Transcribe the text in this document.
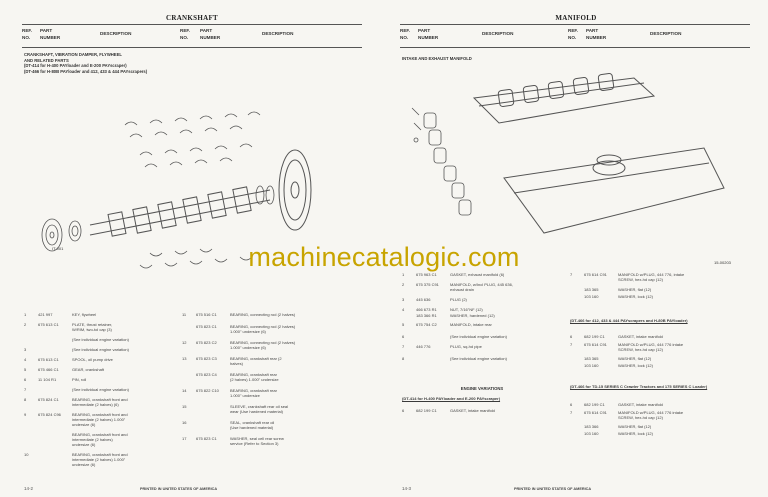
CRANKSHAFT
REF.
NO.
PART
NUMBER
DESCRIPTION
REF.
NO.
PART
NUMBER
DESCRIPTION
CRANKSHAFT, VIBRATION DAMPER, FLYWHEEL
AND RELATED PARTS
(DT-414 for H-400 PAYloader and E-200 PAYscraper)
(DT-466 for H-80B PAYloader and 412, 433 & 444 PAYscrapers)
IT-001
1	421 997	KEY, flywheel
2	675 613 C1	PLATE, thrust retainer,
W/RIM, two-tol cap (3)
(See individual engine variation)
3	(See individual engine variation)
4	675 613 C1	SPOOL, oil pump drive
5	675 466 C1	GEAR, crankshaft
6	11 104 R1	PIN, roll
7	(See individual engine variation)
8	675 824 C1	BEARING, crankshaft front and
intermediate (2 halves) (6)
9	675 824 C96	BEARING, crankshaft front and
intermediate (2 halves) 1.000"
undersize (6)
BEARING, crankshaft front and
intermediate (2 halves)
undersize (6)
10	BEARING, crankshaft front and
intermediate (2 halves) 1.000"
undersize (6)
11 675 516 C1	BEARING, connecting rod (2 halves)
675 823 C1	BEARING, connecting rod (2 halves)
1.000" undersize (6)
12 675 823 C2	BEARING, connecting rod (2 halves)
1.000" undersize (6)
13 675 823 C3	BEARING, crankshaft rear (2
halves)
675 823 C4	BEARING, crankshaft rear
(2 halves) 1.000" undersize
14 675 822 C10	BEARING, crankshaft rear
1.000" undersize
15	SLEEVE, crankshaft rear oil seal
wear (Use hardened material)
16	SEAL, crankshaft rear oil
(Use hardened material)
17 675 823 C1	WASHER, seal cell rear screw
service (Refer to Section 3)
14-2	PRINTED IN UNITED STATES OF AMERICA
MANIFOLD
REF.
NO.
PART
NUMBER
DESCRIPTION
REF.
NO.
PART
NUMBER
DESCRIPTION
INTAKE AND EXHAUST MANIFOLD
15-00203
1	675 963 C1	GASKET, exhaust manifold (6)
2	675 375 C91	MANIFOLD, w/Incl PLUG, 445 636,
exhaust drain
3	445 636	PLUG (2)
4	466 673 R1	NUT, 7/16"NF (12)
183 366 R1	WASHER, hardened (12)
5	675 754 C2	MANIFOLD, intake rear
6	(See individual engine variation)
7	446 776	PLUG, sq-hd pipe
8	(See individual engine variation)
ENGINE VARIATIONS
(DT-414 for H-400 PAYloader and E-200 PAYscraper)
6	682 199 C1	GASKET, intake manifold
7	675 614 C91	MANIFOLD w/PLUG, 444 776, intake
SCREW, hex-hd cap (12)
183 365	WASHER, flat (12)
103 160	WASHER, lock (12)
(DT-466 for 412, 433 & 444 PAYscrapers and H-80B PAYloader)
6	682 199 C1	GASKET, intake manifold
7	675 614 C91	MANIFOLD w/PLUG, 444 776 intake
SCREW, hex-hd cap (12)
183 365	WASHER, flat (12)
103 160	WASHER, lock (12)
(DT-466 for TD-15 SERIES C Crawler Tractors and 175 SERIES C Loader)
6	682 199 C1	GASKET, intake manifold
7	675 614 C91	MANIFOLD w/PLUG, 444 776 intake
SCREW, hex-hd cap (12)
183 366	WASHER, flat (12)
103 160	WASHER, lock (12)
14-3	PRINTED IN UNITED STATES OF AMERICA
machinecatalogic.com
